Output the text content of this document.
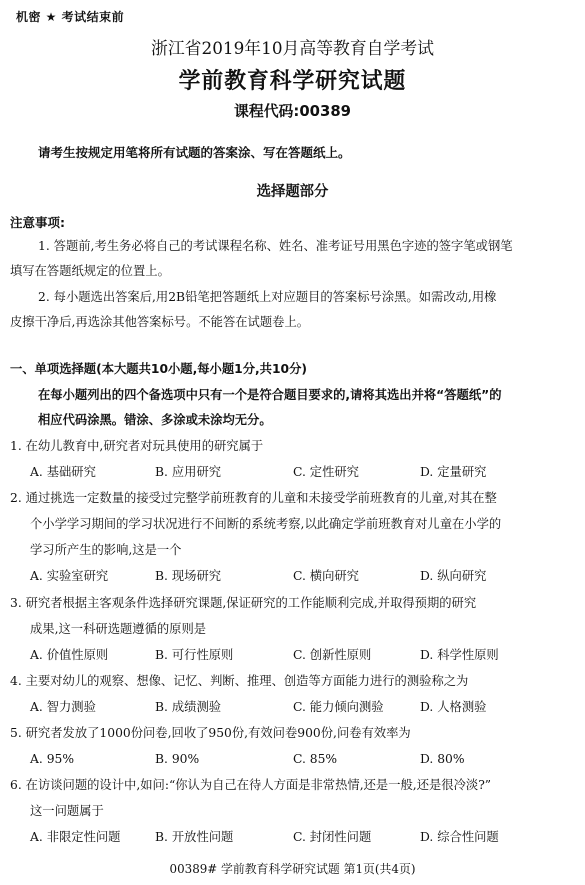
机密 ★ 考试结束前
浙江省2019年10月高等教育自学考试
学前教育科学研究试题
课程代码:00389
请考生按规定用笔将所有试题的答案涂、写在答题纸上。
选择题部分
注意事项:
1. 答题前,考生务必将自己的考试课程名称、姓名、准考证号用黑色字迹的签字笔或钢笔
填写在答题纸规定的位置上。
2. 每小题选出答案后,用2B铅笔把答题纸上对应题目的答案标号涂黑。如需改动,用橡
皮擦干净后,再选涂其他答案标号。不能答在试题卷上。
一、单项选择题(本大题共10小题,每小题1分,共10分)
在每小题列出的四个备选项中只有一个是符合题目要求的,请将其选出并将“答题纸”的
相应代码涂黑。错涂、多涂或未涂均无分。
1. 在幼儿教育中,研究者对玩具使用的研究属于
A. 基础研究	B. 应用研究	C. 定性研究	D. 定量研究
2. 通过挑选一定数量的接受过完整学前班教育的儿童和未接受学前班教育的儿童,对其在整
个小学学习期间的学习状况进行不间断的系统考察,以此确定学前班教育对儿童在小学的
学习所产生的影响,这是一个
A. 实验室研究	B. 现场研究	C. 横向研究	D. 纵向研究
3. 研究者根据主客观条件选择研究课题,保证研究的工作能顺利完成,并取得预期的研究
成果,这一科研选题遵循的原则是
A. 价值性原则	B. 可行性原则	C. 创新性原则	D. 科学性原则
4. 主要对幼儿的观察、想像、记忆、判断、推理、创造等方面能力进行的测验称之为
A. 智力测验	B. 成绩测验	C. 能力倾向测验	D. 人格测验
5. 研究者发放了1000份问卷,回收了950份,有效问卷900份,问卷有效率为
A. 95%	B. 90%	C. 85%	D. 80%
6. 在访谈问题的设计中,如问:“你认为自己在待人方面是非常热情,还是一般,还是很冷淡?”
这一问题属于
A. 非限定性问题	B. 开放性问题	C. 封闭性问题	D. 综合性问题
00389# 学前教育科学研究试题 第1页(共4页)
